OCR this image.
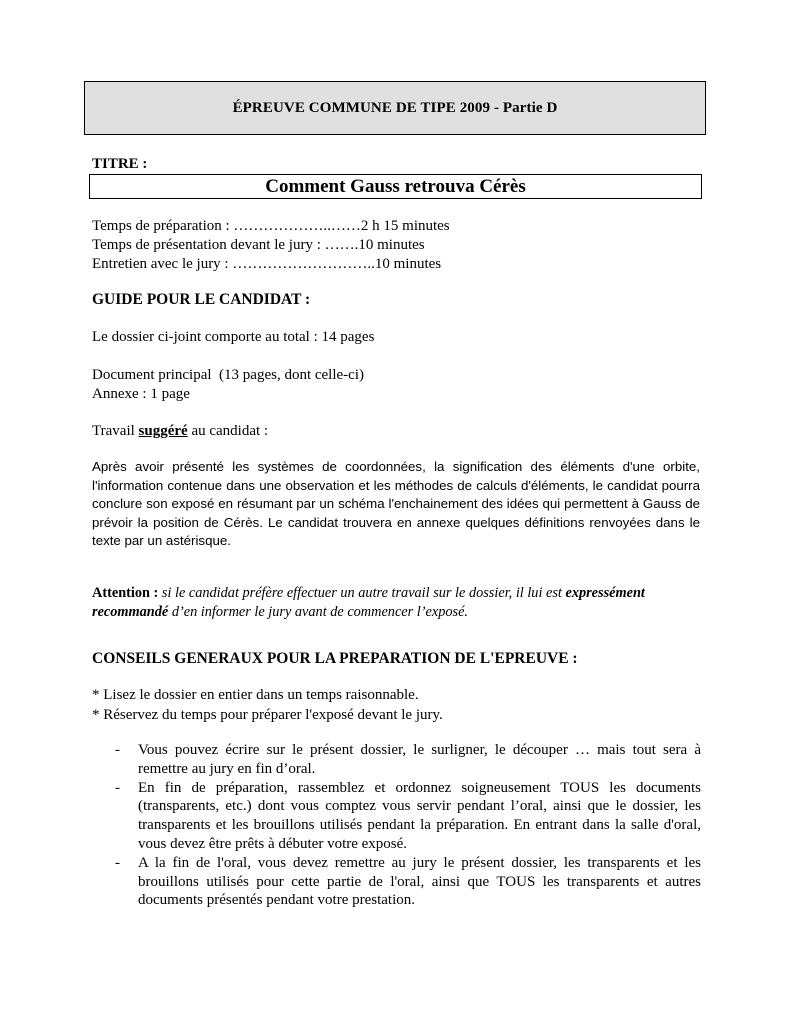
ÉPREUVE COMMUNE DE TIPE 2009 - Partie D
TITRE :
Comment Gauss retrouva Cérès
Temps de préparation : ………………..……2 h 15 minutes
Temps de présentation devant le jury : …….10 minutes
Entretien avec le jury : ………………………..10 minutes
GUIDE POUR LE CANDIDAT :
Le dossier ci-joint comporte au total : 14 pages
Document principal  (13 pages, dont celle-ci)
Annexe : 1 page
Travail suggéré au candidat :
Après avoir présenté les systèmes de coordonnées, la signification des éléments d'une orbite, l'information contenue dans une observation et les méthodes de calculs d'éléments, le candidat pourra conclure son exposé en résumant par un schéma l'enchainement des idées qui permettent à Gauss de prévoir la position de Cérès. Le candidat trouvera en annexe quelques définitions renvoyées dans le texte par un astérisque.
Attention : si le candidat préfère effectuer un autre travail sur le dossier, il lui est expressément recommandé d’en informer le jury avant de commencer l’exposé.
CONSEILS GENERAUX POUR LA PREPARATION DE L'EPREUVE :
* Lisez le dossier en entier dans un temps raisonnable.
* Réservez du temps pour préparer l'exposé devant le jury.
-	Vous pouvez écrire sur le présent dossier, le surligner, le découper … mais tout sera à remettre au jury en fin d’oral.
-	En fin de préparation, rassemblez et ordonnez soigneusement TOUS les documents (transparents, etc.) dont vous comptez vous servir pendant l’oral, ainsi que le dossier, les transparents et les brouillons utilisés pendant la préparation. En entrant dans la salle d'oral, vous devez être prêts à débuter votre exposé.
-	A la fin de l'oral, vous devez remettre au jury le présent dossier, les transparents et les brouillons utilisés pour cette partie de l'oral, ainsi que TOUS les transparents et autres documents présentés pendant votre prestation.
